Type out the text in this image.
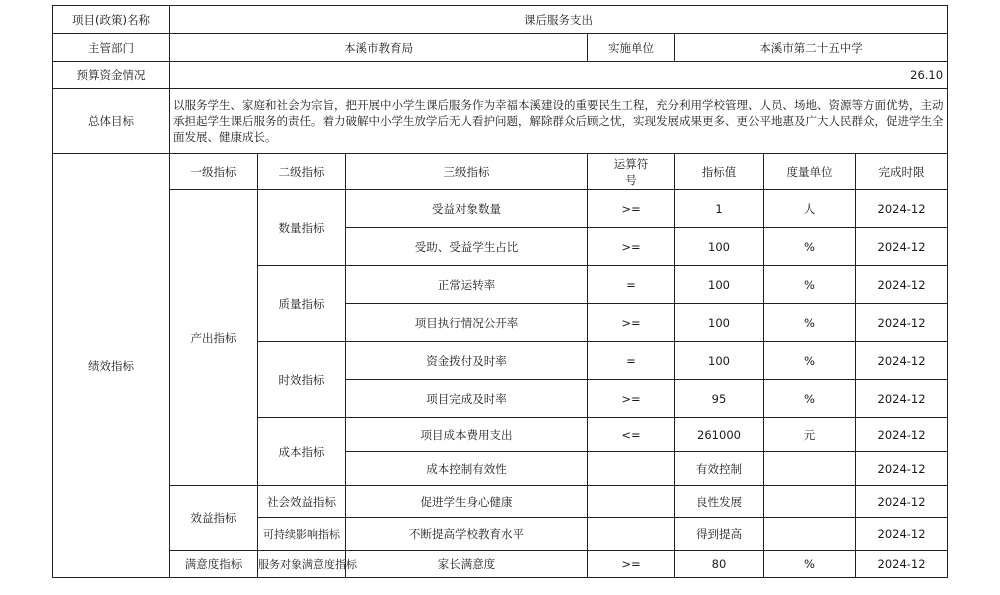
项目(政策)名称	课后服务支出						
主管部门	本溪市教育局			实施单位	本溪市第二十五中学		
预算资金情况	26.10						
总体目标	以服务学生、家庭和社会为宗旨，把开展中小学生课后服务作为幸福本溪建设的重要民生工程，充分利用学校管理、人员、场地、资源等方面优势，主动承担起学生课后服务的责任。着力破解中小学生放学后无人看护问题，解除群众后顾之忧，实现发展成果更多、更公平地惠及广大人民群众，促进学生全面发展、健康成长。						
绩效指标	一级指标	二级指标	三级指标	运算符号	指标值	度量单位	完成时限
	产出指标	数量指标	受益对象数量	>=	1	人	2024-12
			受助、受益学生占比	>=	100	%	2024-12
		质量指标	正常运转率	=	100	%	2024-12
			项目执行情况公开率	>=	100	%	2024-12
		时效指标	资金拨付及时率	=	100	%	2024-12
			项目完成及时率	>=	95	%	2024-12
		成本指标	项目成本费用支出	<=	261000	元	2024-12
			成本控制有效性		有效控制		2024-12
	效益指标	社会效益指标	促进学生身心健康		良性发展		2024-12
		可持续影响指标	不断提高学校教育水平		得到提高		2024-12
	满意度指标	服务对象满意度指标	家长满意度	>=	80	%	2024-12
